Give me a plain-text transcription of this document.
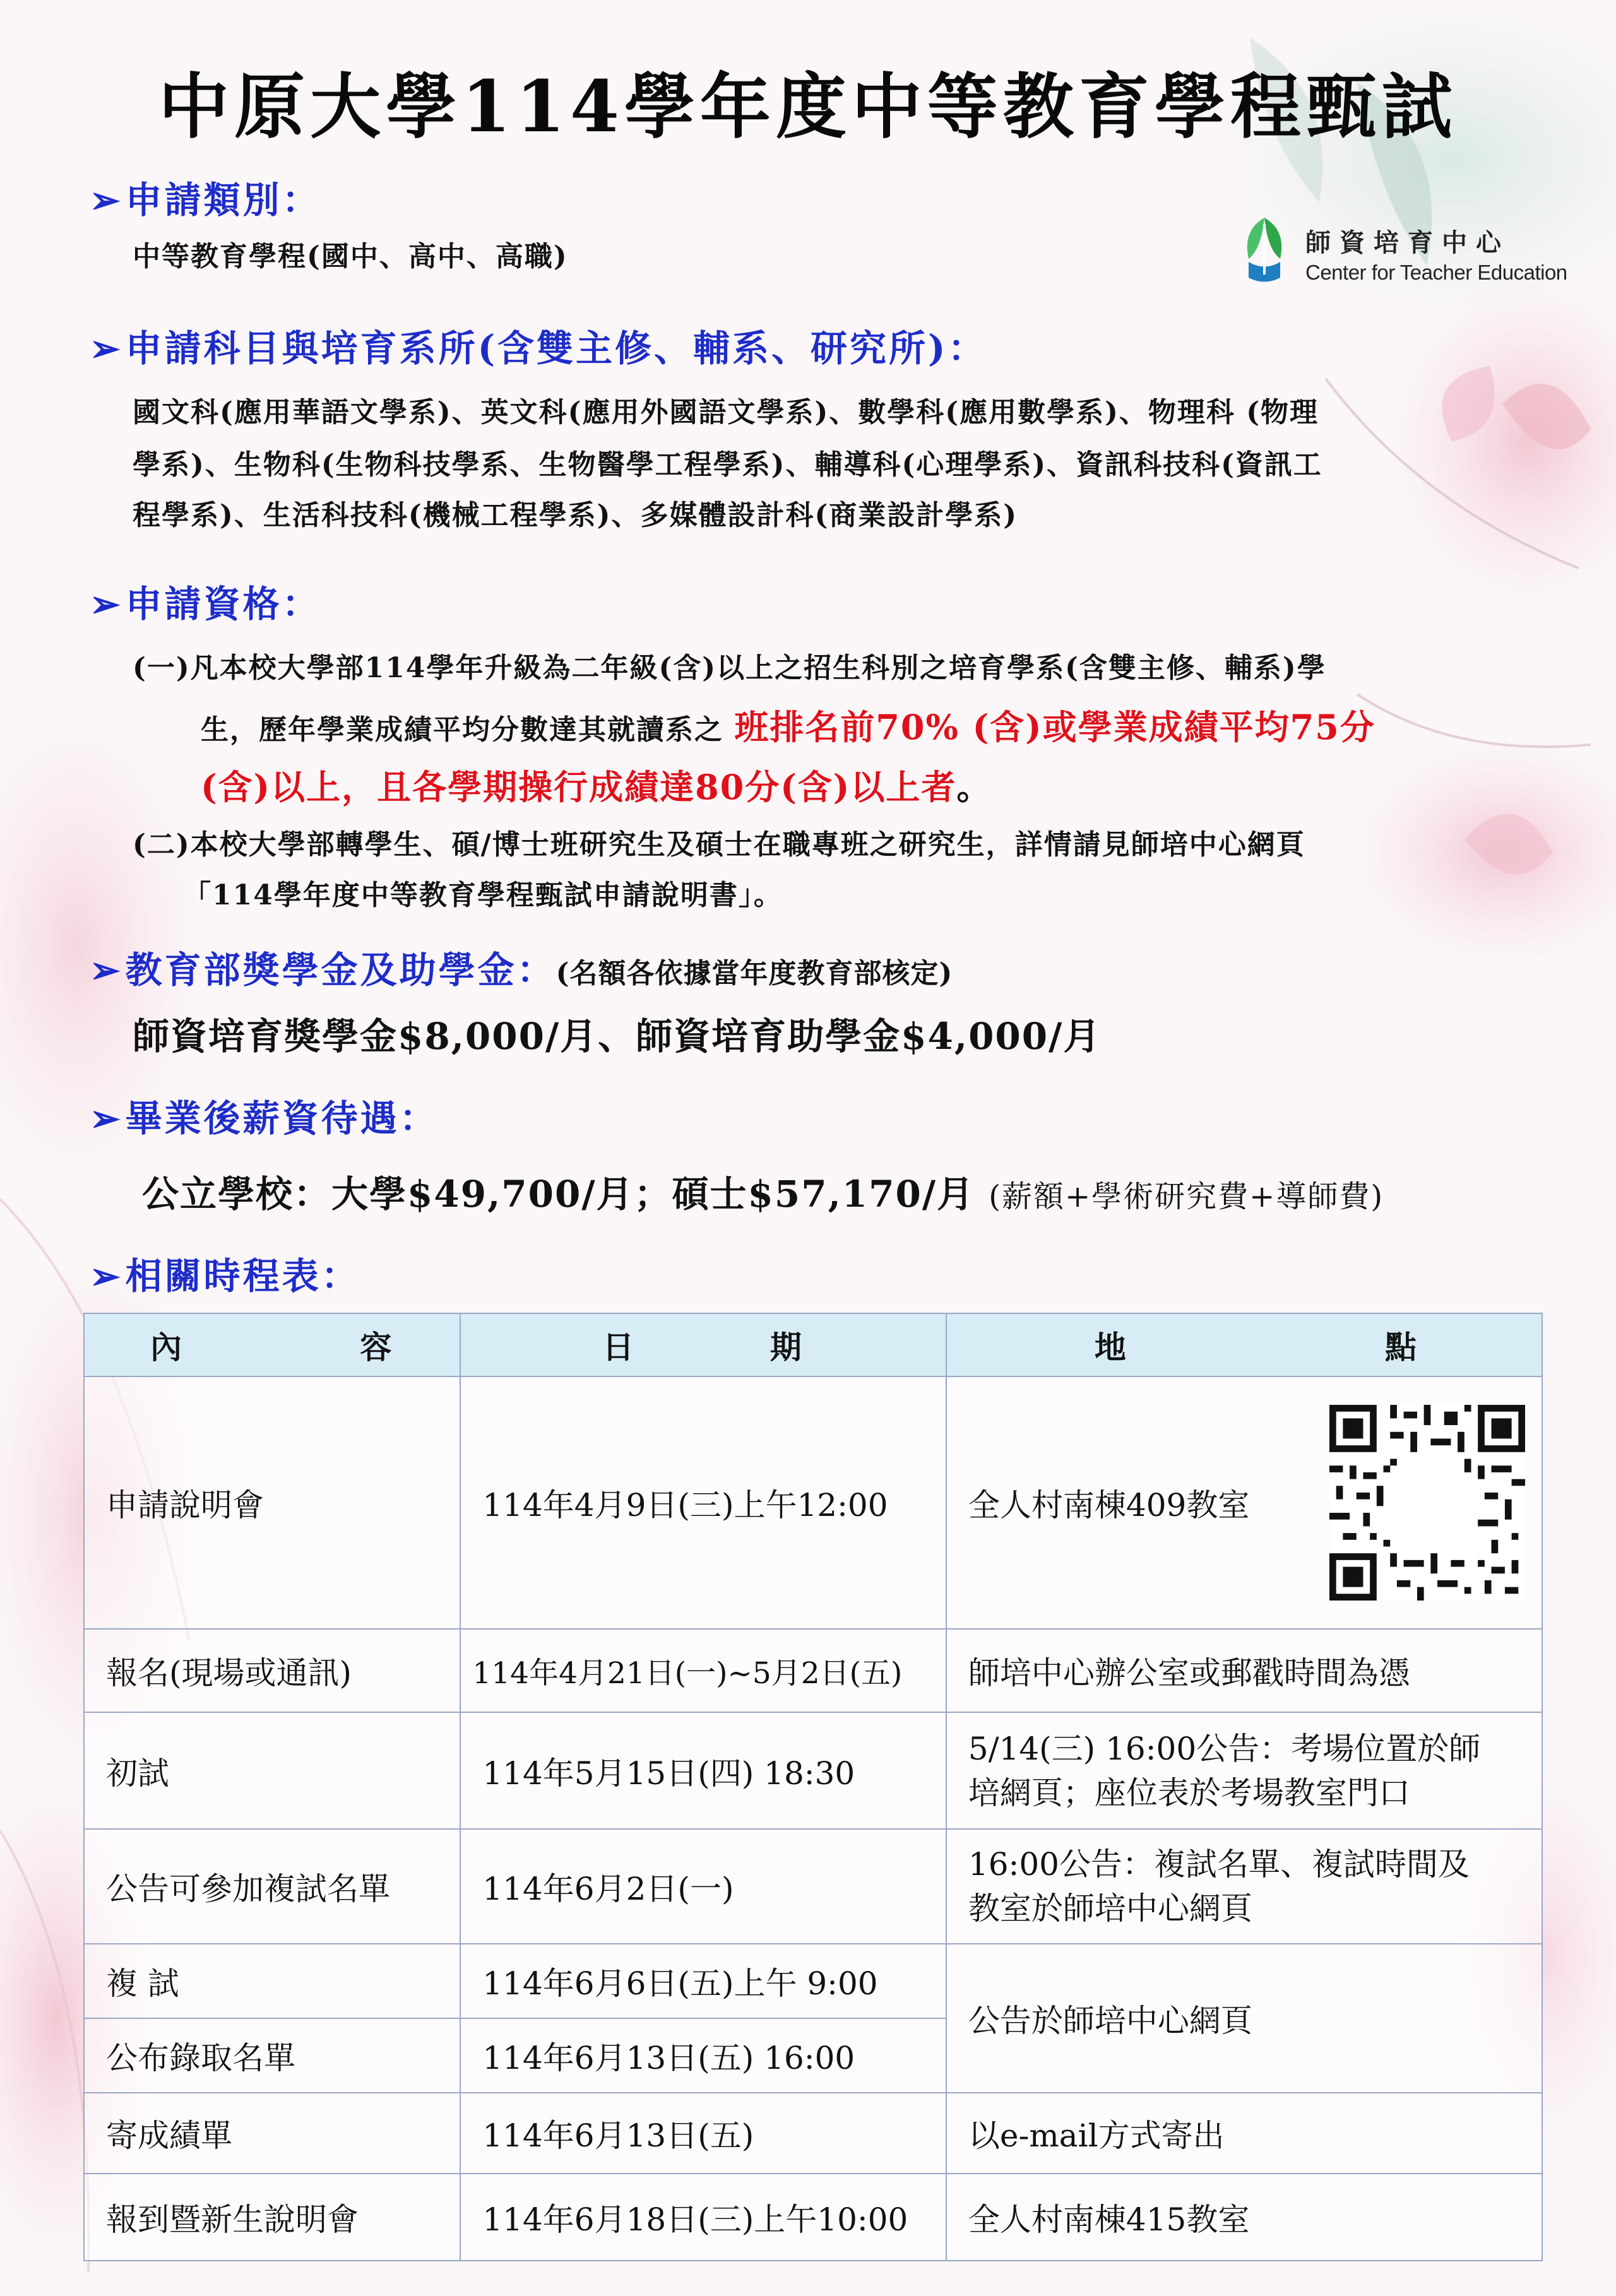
中原大學114學年度中等教育學程甄試
師資培育中心
Center for Teacher Education
➢申請類別：
中等教育學程(國中、高中、高職)
➢申請科目與培育系所(含雙主修、輔系、研究所)：
國文科(應用華語文學系)、英文科(應用外國語文學系)、數學科(應用數學系)、物理科 (物理
學系)、生物科(生物科技學系、生物醫學工程學系)、輔導科(心理學系)、資訊科技科(資訊工
程學系)、生活科技科(機械工程學系)、多媒體設計科(商業設計學系)
➢申請資格：
(一)凡本校大學部114學年升級為二年級(含)以上之招生科別之培育學系(含雙主修、輔系)學
生，歷年學業成績平均分數達其就讀系之 班排名前70% (含)或學業成績平均75分
(含)以上，且各學期操行成績達80分(含)以上者。
(二)本校大學部轉學生、碩/博士班研究生及碩士在職專班之研究生，詳情請見師培中心網頁
「114學年度中等教育學程甄試申請說明書」。
➢教育部獎學金及助學金：(名額各依據當年度教育部核定)
師資培育獎學金$8,000/月、師資培育助學金$4,000/月
➢畢業後薪資待遇：
公立學校：大學$49,700/月；碩士$57,170/月 (薪額+學術研究費+導師費)
➢相關時程表：
內 容	日 期	地 點

申請說明會	114年4月9日(三)上午12:00	全人村南棟409教室

報名(現場或通訊)	114年4月21日(一)~5月2日(五)	師培中心辦公室或郵戳時間為憑
初試	114年5月15日(四) 18:30	5/14(三) 16:00公告：考場位置於師
培網頁；座位表於考場教室門口

公告可參加複試名單	114年6月2日(一)	16:00公告：複試名單、複試時間及
教室於師培中心網頁

複 試	114年6月6日(五)上午 9:00	公告於師培中心網頁
公布錄取名單	114年6月13日(五) 16:00	
寄成績單	114年6月13日(五)	以e-mail方式寄出
報到暨新生說明會	114年6月18日(三)上午10:00	全人村南棟415教室
